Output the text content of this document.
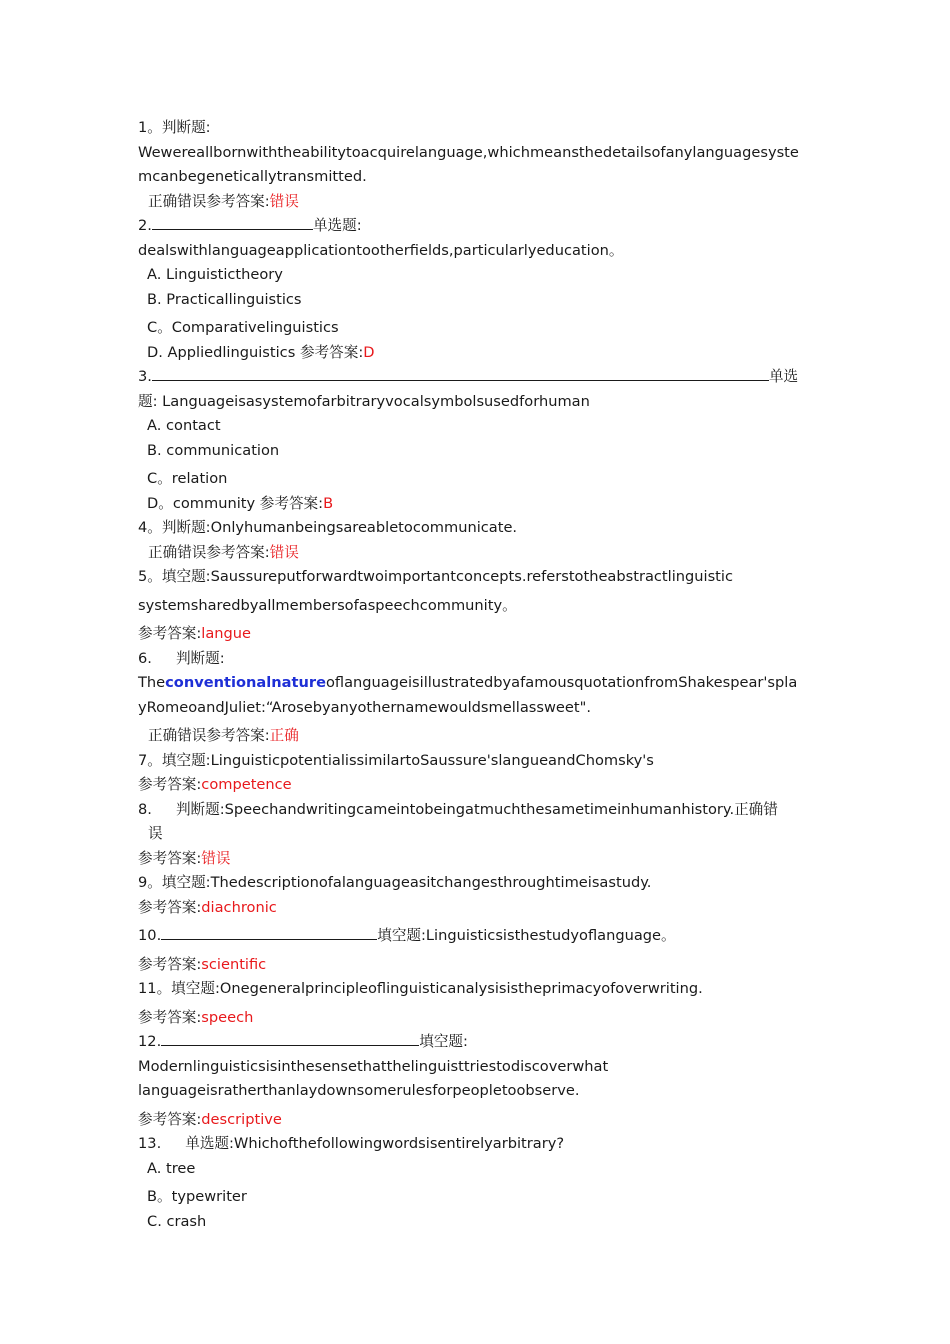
1。判断题:
Wewereallbornwiththeabilitytoacquirelanguage,whichmeansthedetailsofanylanguagesyste
mcanbegeneticallytransmitted.
正确错误参考答案:错误
2.	单选题:
dealswithlanguageapplicationtootherfields,particularlyeducation。
A. Linguistictheory
B. Practicallinguistics
C。Comparativelinguistics
D. Appliedlinguistics 参考答案:D
3.	单选
题: Languageisasystemofarbitraryvocalsymbolsusedforhuman
A. contact
B. communication
C。relation
D。community 参考答案:B
4。判断题:Onlyhumanbeingsareabletocommunicate.
正确错误参考答案:错误
5。填空题:Saussureputforwardtwoimportantconcepts.referstotheabstractlinguistic
systemsharedbyallmembersofaspeechcommunity。
参考答案:langue
6. 判断题:
TheconventionalnatureoflanguageisillustratedbyafamousquotationfromShakespear'spla
yRomeoandJuliet:“Arosebyanyothernamewouldsmellassweet".
正确错误参考答案:正确
7。填空题:LinguisticpotentialissimilartoSaussure'slangueandChomsky's
参考答案:competence
8. 判断题:Speechandwritingcameintobeingatmuchthesametimeinhumanhistory.正确错
误
参考答案:错误
9。填空题:Thedescriptionofalanguageasitchangesthroughtimeisastudy.
参考答案:diachronic
10.	填空题:Linguisticsisthestudyoflanguage。
参考答案:scientific
11。填空题:Onegeneralprincipleoflinguisticanalysisistheprimacyofoverwriting.
参考答案:speech
12.	填空题:
Modernlinguisticsisinthesensethatthelinguisttriestodiscoverwhat
languageisratherthanlaydownsomerulesforpeopletoobserve.
参考答案:descriptive
13. 单选题:Whichofthefollowingwordsisentirelyarbitrary?
A. tree
B。typewriter
C. crash
